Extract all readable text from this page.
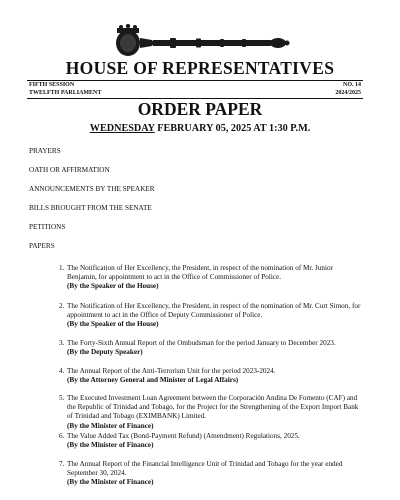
HOUSE OF REPRESENTATIVES
FIFTH SESSION	NO. 14
TWELFTH PARLIAMENT	2024/2025
ORDER PAPER
WEDNESDAY FEBRUARY 05, 2025 AT 1:30 P.M.
PRAYERS
OATH OR AFFIRMATION
ANNOUNCEMENTS BY THE SPEAKER
BILLS BROUGHT FROM THE SENATE
PETITIONS
PAPERS
1. The Notification of Her Excellency, the President, in respect of the nomination of Mr. Junior Benjamin, for appointment to act in the Office of Commissioner of Police.
(By the Speaker of the House)
2. The Notification of Her Excellency, the President, in respect of the nomination of Mr. Curt Simon, for appointment to act in the Office of Deputy Commissioner of Police.
(By the Speaker of the House)
3. The Forty-Sixth Annual Report of the Ombudsman for the period January to December 2023.
(By the Deputy Speaker)
4. The Annual Report of the Anti-Terrorism Unit for the period 2023-2024.
(By the Attorney General and Minister of Legal Affairs)
5. The Executed Investment Loan Agreement between the Corporación Andina De Fomento (CAF) and the Republic of Trinidad and Tobago, for the Project for the Strengthening of the Export Import Bank of Trinidad and Tobago (EXIMBANK) Limited.
(By the Minister of Finance)
6. The Value Added Tax (Bond-Payment Refund) (Amendment) Regulations, 2025.
(By the Minister of Finance)
7. The Annual Report of the Financial Intelligence Unit of Trinidad and Tobago for the year ended September 30, 2024.
(By the Minister of Finance)
